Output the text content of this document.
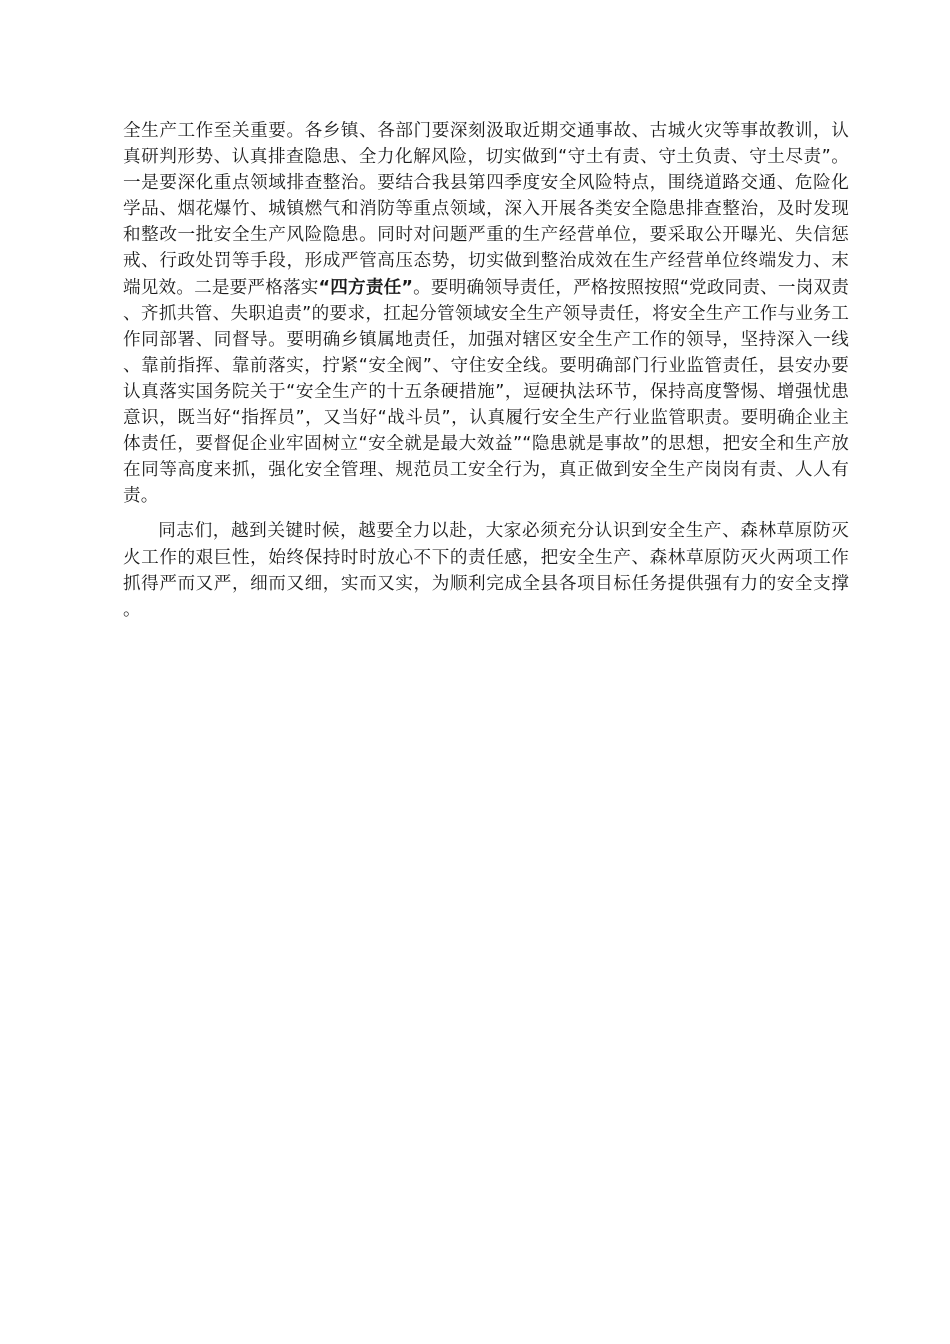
全生产工作至关重要。各乡镇、各部门要深刻汲取近期交通事故、古城火灾等事故教训，认真研判形势、认真排查隐患、全力化解风险，切实做到“守土有责、守土负责、守土尽责”。一是要深化重点领域排查整治。要结合我县第四季度安全风险特点，围绕道路交通、危险化学品、烟花爆竹、城镇燃气和消防等重点领域，深入开展各类安全隐患排查整治，及时发现和整改一批安全生产风险隐患。同时对问题严重的生产经营单位，要采取公开曝光、失信惩戒、行政处罚等手段，形成严管高压态势，切实做到整治成效在生产经营单位终端发力、末端见效。二是要严格落实“四方责任”。要明确领导责任，严格按照按照“党政同责、一岗双责、齐抓共管、失职追责”的要求，扛起分管领域安全生产领导责任，将安全生产工作与业务工作同部署、同督导。要明确乡镇属地责任，加强对辖区安全生产工作的领导，坚持深入一线、靠前指挥、靠前落实，拧紧“安全阀”、守住安全线。要明确部门行业监管责任，县安办要认真落实国务院关于“安全生产的十五条硬措施”，逗硬执法环节，保持高度警惕、增强忧患意识，既当好“指挥员”，又当好“战斗员”，认真履行安全生产行业监管职责。要明确企业主体责任，要督促企业牢固树立“安全就是最大效益”“隐患就是事故”的思想，把安全和生产放在同等高度来抓，强化安全管理、规范员工安全行为，真正做到安全生产岗岗有责、人人有责。

同志们，越到关键时候，越要全力以赴，大家必须充分认识到安全生产、森林草原防灭火工作的艰巨性，始终保持时时放心不下的责任感，把安全生产、森林草原防灭火两项工作抓得严而又严，细而又细，实而又实，为顺利完成全县各项目标任务提供强有力的安全支撑。
